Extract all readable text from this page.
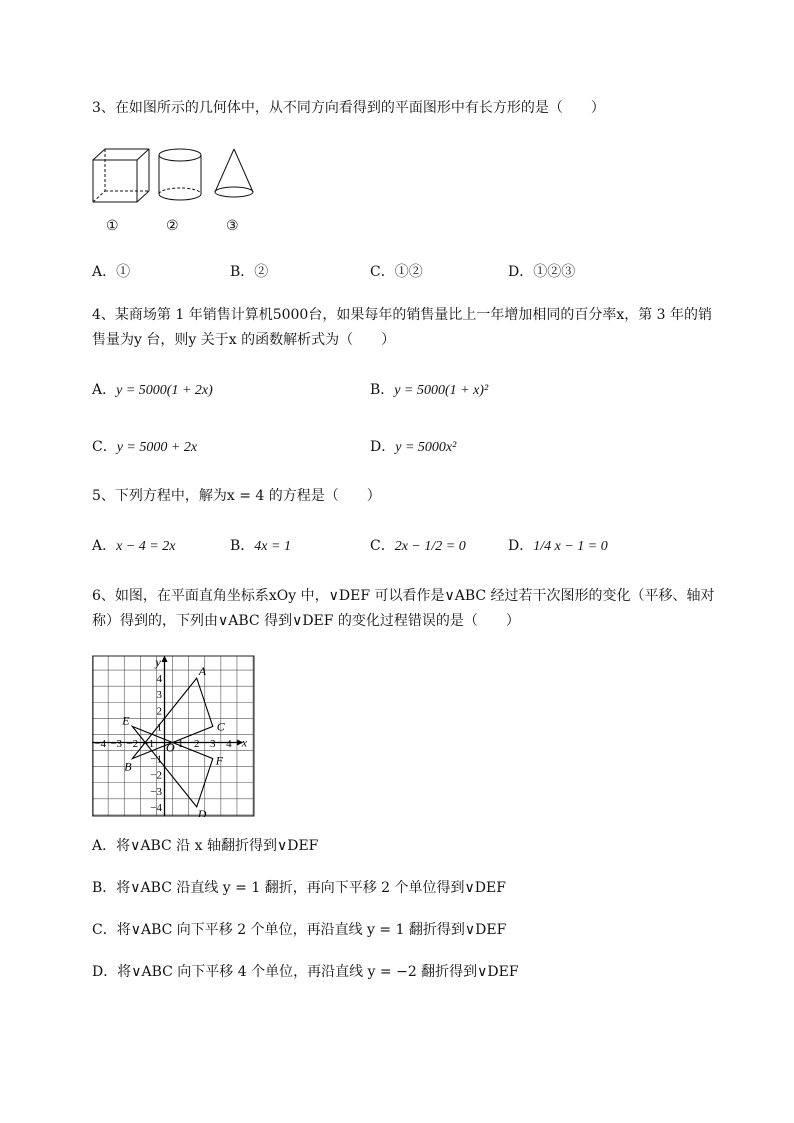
3、在如图所示的几何体中，从不同方向看得到的平面图形中有长方形的是（　　）
①	②	③
A．①	B．②	C．①②	D．①②③
4、某商场第 1 年销售计算机5000台，如果每年的销售量比上一年增加相同的百分率x，第 3 年的销
售量为y 台，则y 关于x 的函数解析式为（　　）
A．y = 5000(1 + 2x)	B．y = 5000(1 + x)²
C．y = 5000 + 2x	D．y = 5000x²
5、下列方程中，解为x = 4 的方程是（　　）
A．x − 4 = 2x	B．4x = 1	C．2x − 1/2 = 0	D．1/4 x − 1 = 0
6、如图，在平面直角坐标系xOy 中，∨DEF 可以看作是∨ABC 经过若干次图形的变化（平移、轴对
称）得到的，下列由∨ABC 得到∨DEF 的变化过程错误的是（　　）
x
y
O
−4 −3 −2 −1 1 2 3 4
4
3
2
1
−1
−2
−3
−4
A
B
C
D
E
F
A．将∨ABC 沿 x 轴翻折得到∨DEF
B．将∨ABC 沿直线 y = 1 翻折，再向下平移 2 个单位得到∨DEF
C．将∨ABC 向下平移 2 个单位，再沿直线 y = 1 翻折得到∨DEF
D．将∨ABC 向下平移 4 个单位，再沿直线 y = −2 翻折得到∨DEF
